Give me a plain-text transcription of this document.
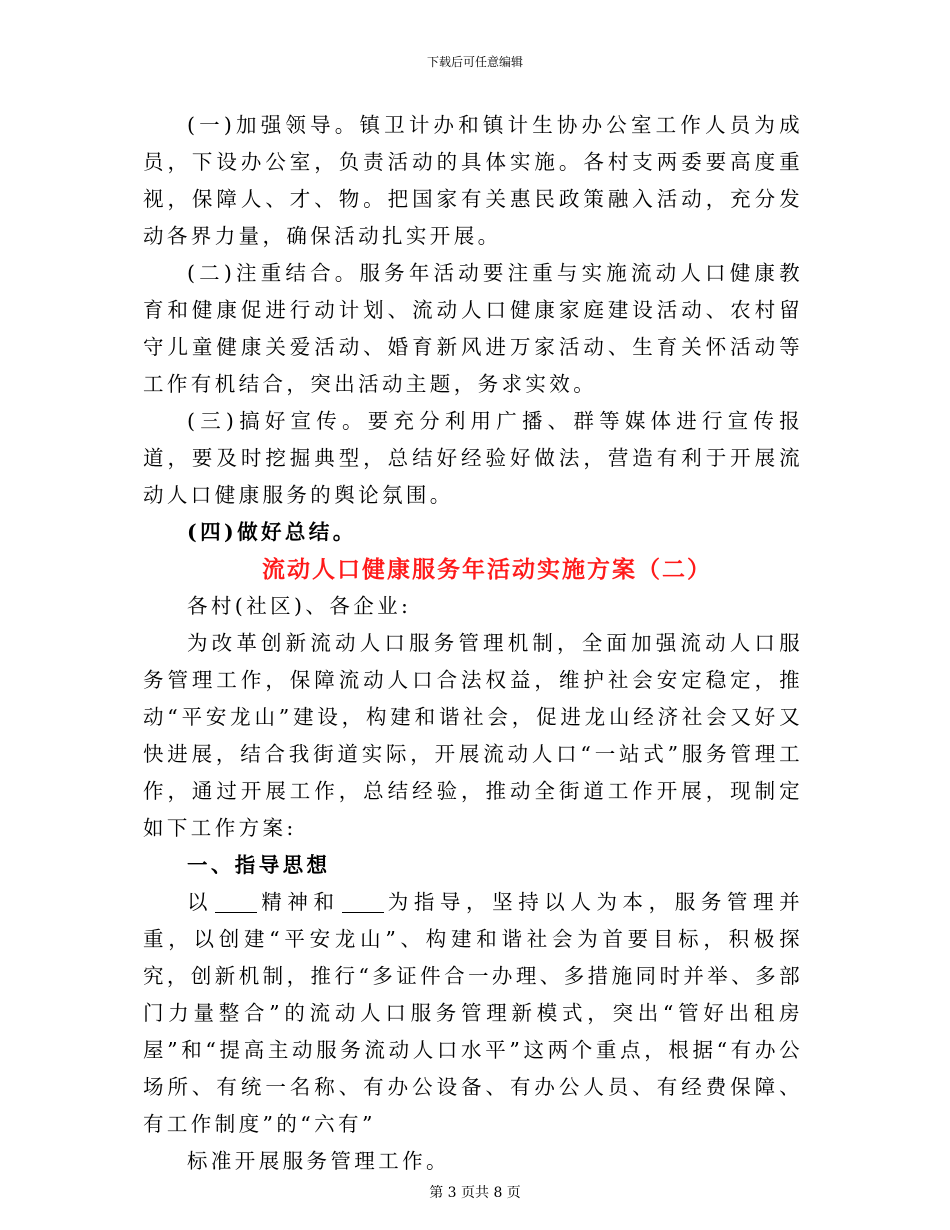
下载后可任意编辑

(一)加强领导。镇卫计办和镇计生协办公室工作人员为成员，下设办公室，负责活动的具体实施。各村支两委要高度重视，保障人、才、物。把国家有关惠民政策融入活动，充分发动各界力量，确保活动扎实开展。

(二)注重结合。服务年活动要注重与实施流动人口健康教育和健康促进行动计划、流动人口健康家庭建设活动、农村留守儿童健康关爱活动、婚育新风进万家活动、生育关怀活动等工作有机结合，突出活动主题，务求实效。

(三)搞好宣传。要充分利用广播、群等媒体进行宣传报道，要及时挖掘典型，总结好经验好做法，营造有利于开展流动人口健康服务的舆论氛围。

(四)做好总结。

流动人口健康服务年活动实施方案（二）

各村(社区)、各企业:

为改革创新流动人口服务管理机制，全面加强流动人口服务管理工作，保障流动人口合法权益，维护社会安定稳定，推动“平安龙山”建设，构建和谐社会，促进龙山经济社会又好又快进展，结合我街道实际，开展流动人口“一站式”服务管理工作，通过开展工作，总结经验，推动全街道工作开展，现制定如下工作方案:

一、指导思想

以 精神和 为指导，坚持以人为本，服务管理并重，以创建“平安龙山”、构建和谐社会为首要目标，积极探究，创新机制，推行“多证件合一办理、多措施同时并举、多部门力量整合”的流动人口服务管理新模式，突出“管好出租房屋”和“提高主动服务流动人口水平”这两个重点，根据“有办公场所、有统一名称、有办公设备、有办公人员、有经费保障、有工作制度”的“六有”

标准开展服务管理工作。

第 3 页共 8 页
